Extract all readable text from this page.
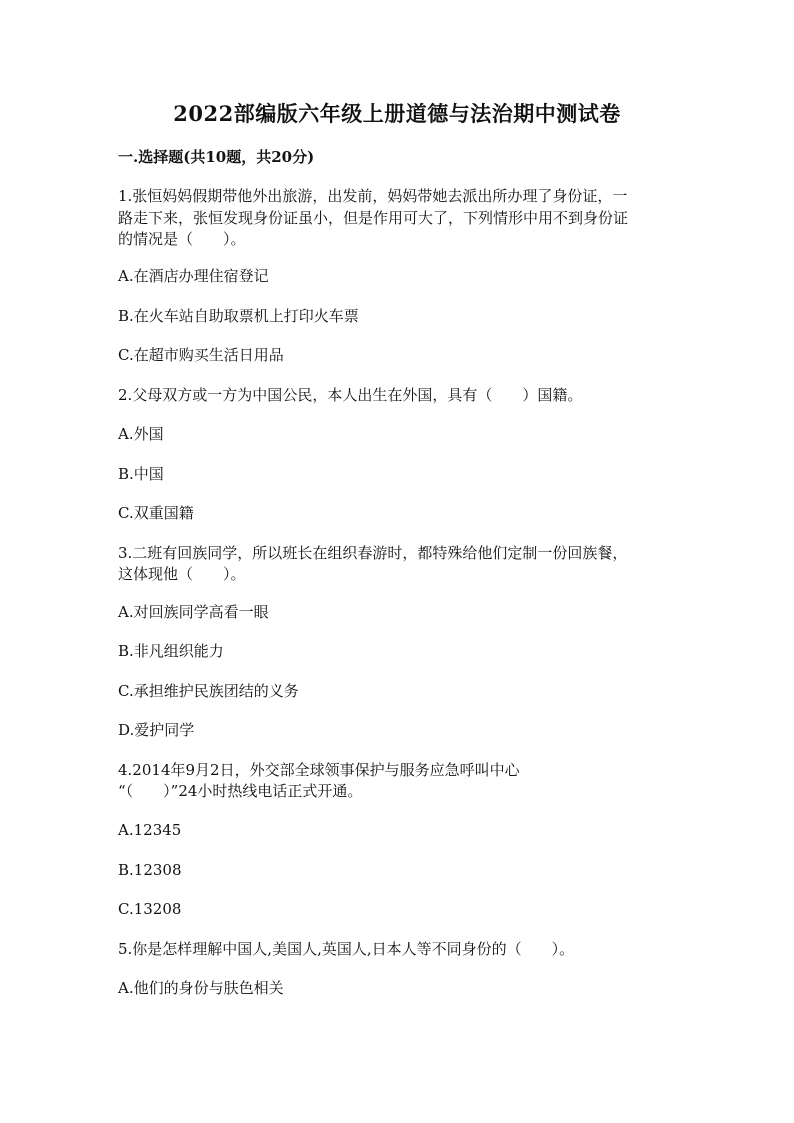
2022部编版六年级上册道德与法治期中测试卷
一.选择题(共10题，共20分)
1.张恒妈妈假期带他外出旅游，出发前，妈妈带她去派出所办理了身份证，一
路走下来，张恒发现身份证虽小，但是作用可大了，下列情形中用不到身份证
的情况是（　　）。
A.在酒店办理住宿登记
B.在火车站自助取票机上打印火车票
C.在超市购买生活日用品
2.父母双方或一方为中国公民，本人出生在外国，具有（　　）国籍。
A.外国
B.中国
C.双重国籍
3.二班有回族同学，所以班长在组织春游时，都特殊给他们定制一份回族餐，
这体现他（　　）。
A.对回族同学高看一眼
B.非凡组织能力
C.承担维护民族团结的义务
D.爱护同学
4.2014年9月2日，外交部全球领事保护与服务应急呼叫中心
“（　　）”24小时热线电话正式开通。
A.12345
B.12308
C.13208
5.你是怎样理解中国人,美国人,英国人,日本人等不同身份的（　　）。
A.他们的身份与肤色相关
